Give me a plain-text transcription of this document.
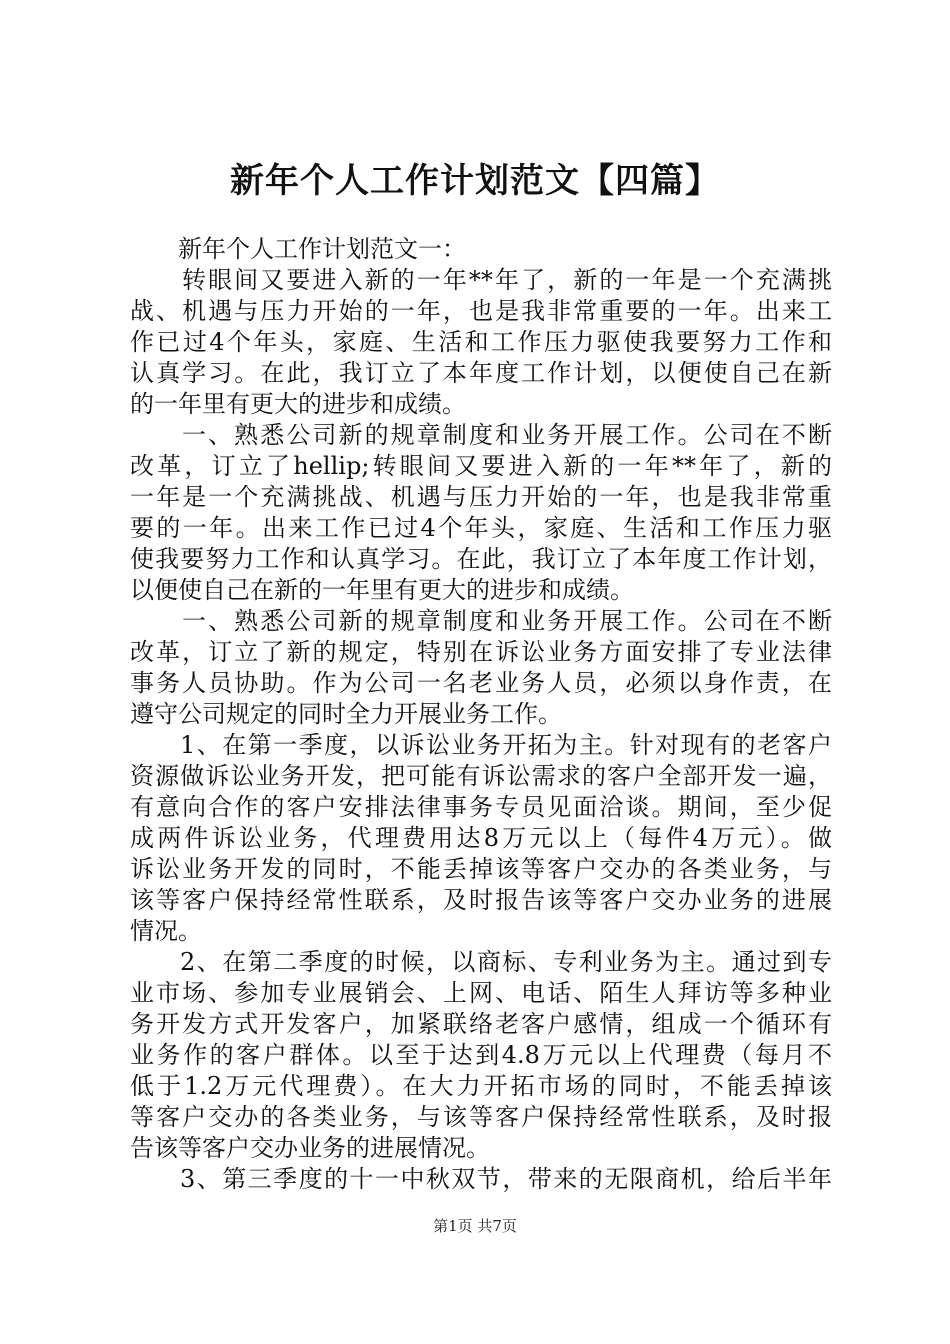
新年个人工作计划范文【四篇】
新年个人工作计划范文一：
转眼间又要进入新的一年**年了，新的一年是一个充满挑
战、机遇与压力开始的一年，也是我非常重要的一年。出来工
作已过4个年头，家庭、生活和工作压力驱使我要努力工作和
认真学习。在此，我订立了本年度工作计划，以便使自己在新
的一年里有更大的进步和成绩。
一、熟悉公司新的规章制度和业务开展工作。公司在不断
改革，订立了hellip;转眼间又要进入新的一年**年了，新的
一年是一个充满挑战、机遇与压力开始的一年，也是我非常重
要的一年。出来工作已过4个年头，家庭、生活和工作压力驱
使我要努力工作和认真学习。在此，我订立了本年度工作计划，
以便使自己在新的一年里有更大的进步和成绩。
一、熟悉公司新的规章制度和业务开展工作。公司在不断
改革，订立了新的规定，特别在诉讼业务方面安排了专业法律
事务人员协助。作为公司一名老业务人员，必须以身作责，在
遵守公司规定的同时全力开展业务工作。
1、在第一季度，以诉讼业务开拓为主。针对现有的老客户
资源做诉讼业务开发，把可能有诉讼需求的客户全部开发一遍，
有意向合作的客户安排法律事务专员见面洽谈。期间，至少促
成两件诉讼业务，代理费用达8万元以上（每件4万元）。做
诉讼业务开发的同时，不能丢掉该等客户交办的各类业务，与
该等客户保持经常性联系，及时报告该等客户交办业务的进展
情况。
2、在第二季度的时候，以商标、专利业务为主。通过到专
业市场、参加专业展销会、上网、电话、陌生人拜访等多种业
务开发方式开发客户，加紧联络老客户感情，组成一个循环有
业务作的客户群体。以至于达到4.8万元以上代理费（每月不
低于1.2万元代理费）。在大力开拓市场的同时，不能丢掉该
等客户交办的各类业务，与该等客户保持经常性联系，及时报
告该等客户交办业务的进展情况。
3、第三季度的十一中秋双节，带来的无限商机，给后半年
第1页 共7页
